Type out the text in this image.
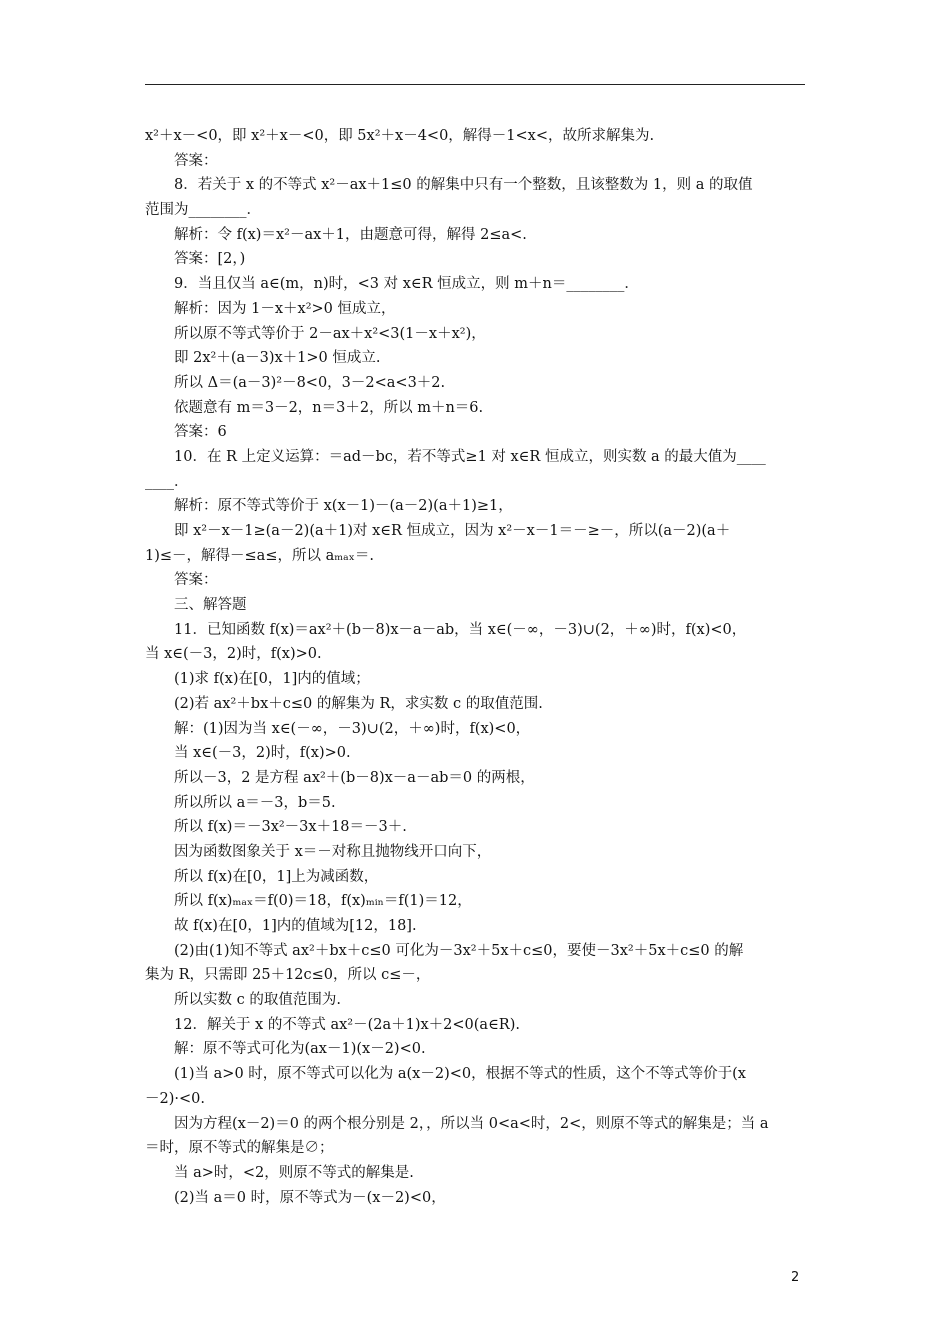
x²＋x－<0，即 x²＋x－<0，即 5x²＋x－4<0，解得－1<x<，故所求解集为.
答案：
8．若关于 x 的不等式 x²－ax＋1≤0 的解集中只有一个整数，且该整数为 1，则 a 的取值
范围为________．
解析：令 f(x)＝x²－ax＋1，由题意可得，解得 2≤a<.
答案：[2，)
9．当且仅当 a∈(m，n)时，<3 对 x∈R 恒成立，则 m＋n＝________．
解析：因为 1－x＋x²>0 恒成立，
所以原不等式等价于 2－ax＋x²<3(1－x＋x²)，
即 2x²＋(a－3)x＋1>0 恒成立.
所以 Δ＝(a－3)²－8<0，3－2<a<3＋2.
依题意有 m＝3－2，n＝3＋2，所以 m＋n＝6.
答案：6
10．在 R 上定义运算：＝ad－bc，若不等式≥1 对 x∈R 恒成立，则实数 a 的最大值为____
____．
解析：原不等式等价于 x(x－1)－(a－2)(a＋1)≥1，
即 x²－x－1≥(a－2)(a＋1)对 x∈R 恒成立，因为 x²－x－1＝－≥－，所以(a－2)(a＋
1)≤－，解得－≤a≤，所以 aₘₐₓ＝.
答案：
三、解答题
11．已知函数 f(x)＝ax²＋(b－8)x－a－ab，当 x∈(－∞，－3)∪(2，＋∞)时，f(x)<0，
当 x∈(－3，2)时，f(x)>0.
(1)求 f(x)在[0，1]内的值域；
(2)若 ax²＋bx＋c≤0 的解集为 R，求实数 c 的取值范围.
解：(1)因为当 x∈(－∞，－3)∪(2，＋∞)时，f(x)<0，
当 x∈(－3，2)时，f(x)>0.
所以－3，2 是方程 ax²＋(b－8)x－a－ab＝0 的两根，
所以所以 a＝－3，b＝5.
所以 f(x)＝－3x²－3x＋18＝－3＋.
因为函数图象关于 x＝－对称且抛物线开口向下，
所以 f(x)在[0，1]上为减函数，
所以 f(x)ₘₐₓ＝f(0)＝18，f(x)ₘᵢₙ＝f(1)＝12，
故 f(x)在[0，1]内的值域为[12，18].
(2)由(1)知不等式 ax²＋bx＋c≤0 可化为－3x²＋5x＋c≤0，要使－3x²＋5x＋c≤0 的解
集为 R，只需即 25＋12c≤0，所以 c≤－，
所以实数 c 的取值范围为.
12．解关于 x 的不等式 ax²－(2a＋1)x＋2<0(a∈R).
解：原不等式可化为(ax－1)(x－2)<0.
(1)当 a>0 时，原不等式可以化为 a(x－2)<0，根据不等式的性质，这个不等式等价于(x
－2)·<0.
因为方程(x－2)＝0 的两个根分别是 2，，所以当 0<a<时，2<，则原不等式的解集是；当 a
＝时，原不等式的解集是∅；
当 a>时，<2，则原不等式的解集是.
(2)当 a＝0 时，原不等式为－(x－2)<0，
2
